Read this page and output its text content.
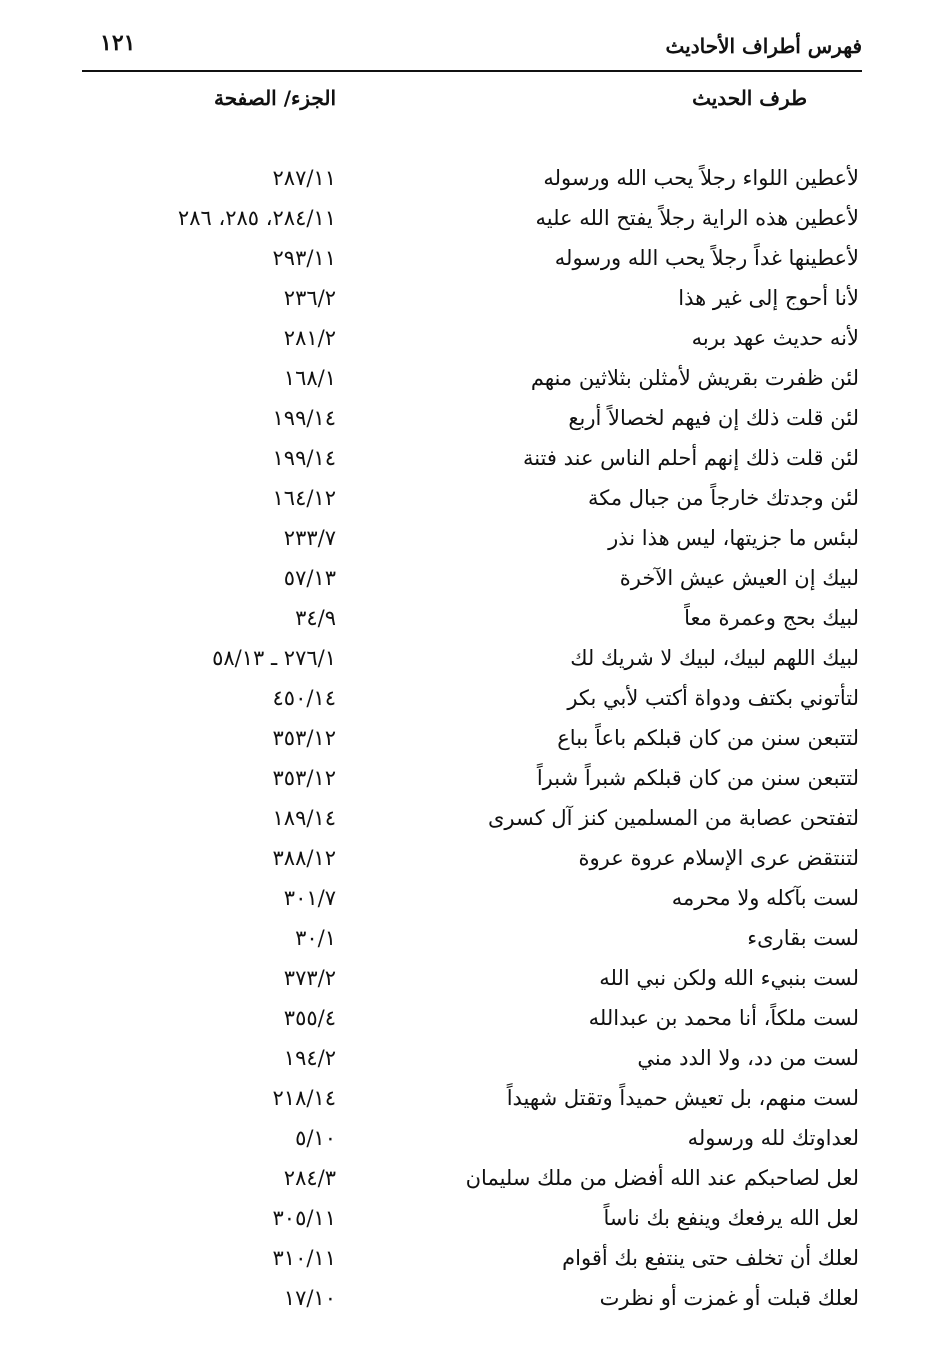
فهرس أطراف الأحاديث
١٢١
طرف الحديث
الجزء/ الصفحة
لأعطين اللواء رجلاً يحب الله ورسوله
٢٨٧/١١
لأعطين هذه الراية رجلاً يفتح الله عليه
٢٨٤/١١، ٢٨٥، ٢٨٦
لأعطينها غداً رجلاً يحب الله ورسوله
٢٩٣/١١
لأنا أحوج إلى غير هذا
٢٣٦/٢
لأنه حديث عهد بربه
٢٨١/٢
لئن ظفرت بقريش لأمثلن بثلاثين منهم
١٦٨/١
لئن قلت ذلك إن فيهم لخصالاً أربع
١٩٩/١٤
لئن قلت ذلك إنهم أحلم الناس عند فتنة
١٩٩/١٤
لئن وجدتك خارجاً من جبال مكة
١٦٤/١٢
لبئس ما جزيتها، ليس هذا نذر
٢٣٣/٧
لبيك إن العيش عيش الآخرة
٥٧/١٣
لبيك بحج وعمرة معاً
٣٤/٩
لبيك اللهم لبيك، لبيك لا شريك لك
٢٧٦/١ ـ ٥٨/١٣
لتأتوني بكتف ودواة أكتب لأبي بكر
٤٥٠/١٤
لتتبعن سنن من كان قبلكم باعاً بباع
٣٥٣/١٢
لتتبعن سنن من كان قبلكم شبراً شبراً
٣٥٣/١٢
لتفتحن عصابة من المسلمين كنز آل كسرى
١٨٩/١٤
لتنتقض عرى الإسلام عروة عروة
٣٨٨/١٢
لست بآكله ولا محرمه
٣٠١/٧
لست بقارىء
٣٠/١
لست بنبيء الله ولكن نبي الله
٣٧٣/٢
لست ملكاً، أنا محمد بن عبدالله
٣٥٥/٤
لست من دد، ولا الدد مني
١٩٤/٢
لست منهم، بل تعيش حميداً وتقتل شهيداً
٢١٨/١٤
لعداوتك لله ورسوله
٥/١٠
لعل لصاحبكم عند الله أفضل من ملك سليمان
٢٨٤/٣
لعل الله يرفعك وينفع بك ناساً
٣٠٥/١١
لعلك أن تخلف حتى ينتفع بك أقوام
٣١٠/١١
لعلك قبلت أو غمزت أو نظرت
١٧/١٠
